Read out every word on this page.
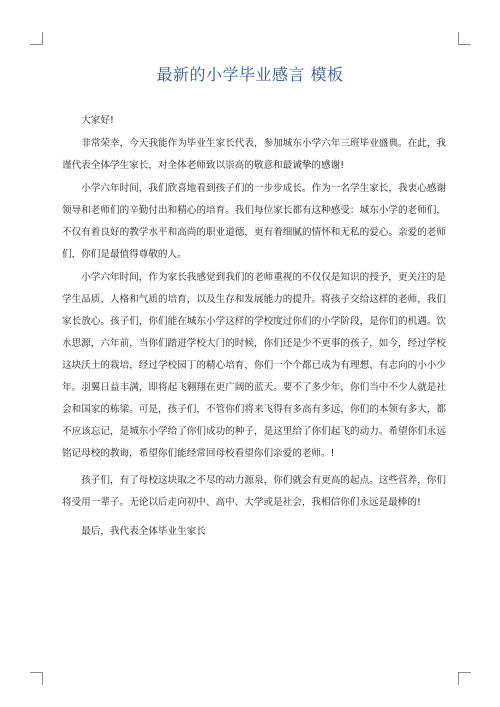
最新的小学毕业感言 模板

大家好!

非常荣幸，今天我能作为毕业生家长代表，参加城东小学六年三班毕业盛典。在此，我谨代表全体学生家长，对全体老师致以崇高的敬意和最诚挚的感谢!

小学六年时间，我们欣喜地看到孩子们的一步步成长。作为一名学生家长，我衷心感谢领导和老师们的辛勤付出和精心的培育。我们每位家长都有这种感受：城东小学的老师们，不仅有着良好的教学水平和高尚的职业道德，更有着细腻的情怀和无私的爱心。亲爱的老师们，你们是最值得尊敬的人。

小学六年时间，作为家长我感觉到我们的老师重视的不仅仅是知识的授予，更关注的是学生品质、人格和气质的培育，以及生存和发展能力的提升。将孩子交给这样的老师，我们家长放心。孩子们，你们能在城东小学这样的学校度过你们的小学阶段，是你们的机遇。饮水思源，六年前，当你们踏进学校大门的时候，你们还是少不更事的孩子，如今，经过学校这块沃土的栽培，经过学校园丁的精心培育，你们一个个都已成为有理想、有志向的小小少年。羽翼日益丰满，即将起飞翱翔在更广阔的蓝天。要不了多少年，你们当中不少人就是社会和国家的栋梁。可是，孩子们，不管你们将来飞得有多高有多远，你们的本领有多大，都不应该忘记，是城东小学给了你们成功的种子，是这里给了你们起飞的动力。希望你们永远铭记母校的教诲，希望你们能经常回母校看望你们亲爱的老师。!

孩子们，有了母校这块取之不尽的动力源泉，你们就会有更高的起点。这些营养，你们将受用一辈子。无论以后走向初中、高中、大学或是社会，我相信你们永远是最棒的!

最后，我代表全体毕业生家长
